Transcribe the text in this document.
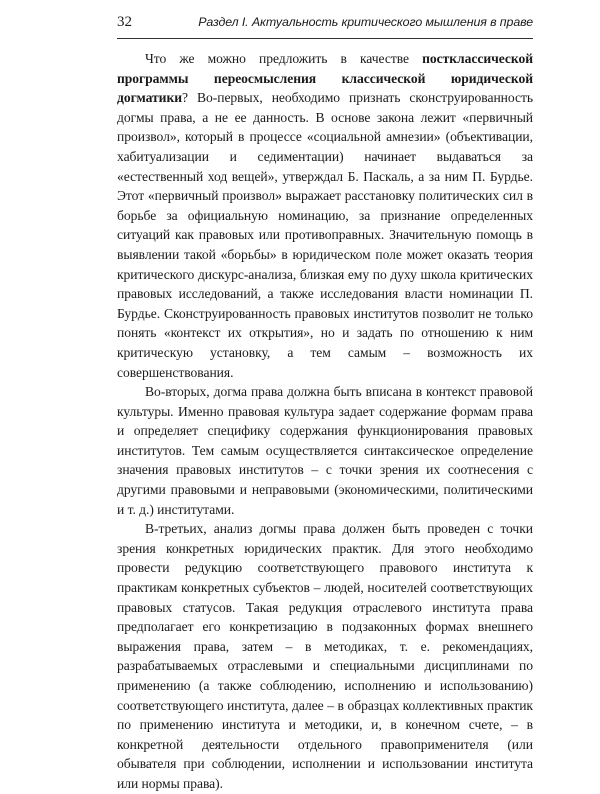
32	Раздел I. Актуальность критического мышления в праве

Что же можно предложить в качестве постклассической программы переосмысления классической юридической догматики? Во-первых, необходимо признать сконструированность догмы права, а не ее данность. В основе закона лежит «первичный произвол», который в процессе «социальной амнезии» (объективации, хабитуализации и седиментации) начинает выдаваться за «естественный ход вещей», утверждал Б. Паскаль, а за ним П. Бурдье. Этот «первичный произвол» выражает расстановку политических сил в борьбе за официальную номинацию, за признание определенных ситуаций как правовых или противоправных. Значительную помощь в выявлении такой «борьбы» в юридическом поле может оказать теория критического дискурс-анализа, близкая ему по духу школа критических правовых исследований, а также исследования власти номинации П. Бурдье. Сконструированность правовых институтов позволит не только понять «контекст их открытия», но и задать по отношению к ним критическую установку, а тем самым – возможность их совершенствования.

Во-вторых, догма права должна быть вписана в контекст правовой культуры. Именно правовая культура задает содержание формам права и определяет специфику содержания функционирования правовых институтов. Тем самым осуществляется синтаксическое определение значения правовых институтов – с точки зрения их соотнесения с другими правовыми и неправовыми (экономическими, политическими и т. д.) институтами.

В-третьих, анализ догмы права должен быть проведен с точки зрения конкретных юридических практик. Для этого необходимо провести редукцию соответствующего правового института к практикам конкретных субъектов – людей, носителей соответствующих правовых статусов. Такая редукция отраслевого института права предполагает его конкретизацию в подзаконных формах внешнего выражения права, затем – в методиках, т. е. рекомендациях, разрабатываемых отраслевыми и специальными дисциплинами по применению (а также соблюдению, исполнению и использованию) соответствующего института, далее – в образцах коллективных практик по применению института и методики, и, в конечном счете, – в конкретной деятельности отдельного правоприменителя (или обывателя при соблюдении, исполнении и использовании института или нормы права).
